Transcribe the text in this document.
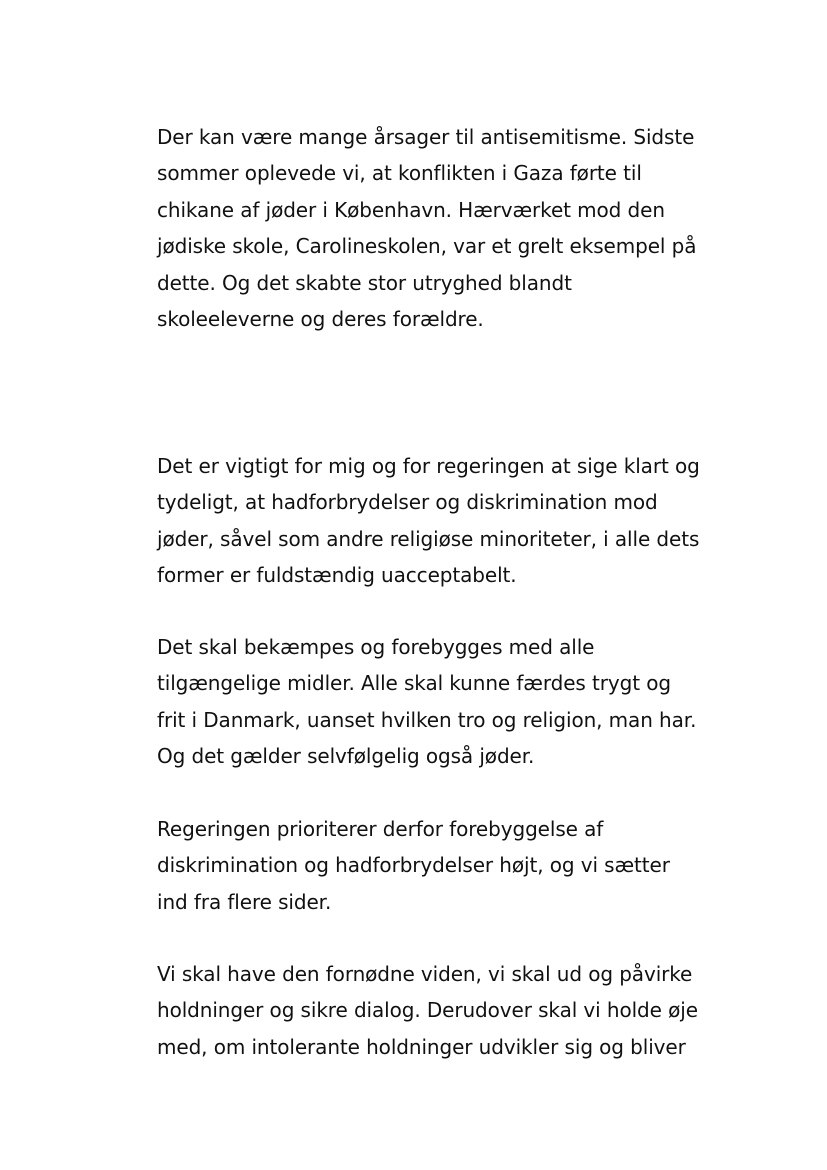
Der kan være mange årsager til antisemitisme. Sidste
sommer oplevede vi, at konflikten i Gaza førte til
chikane af jøder i København. Hærværket mod den
jødiske skole, Carolineskolen, var et grelt eksempel på
dette. Og det skabte stor utryghed blandt
skoleeleverne og deres forældre.

Det er vigtigt for mig og for regeringen at sige klart og
tydeligt, at hadforbrydelser og diskrimination mod
jøder, såvel som andre religiøse minoriteter, i alle dets
former er fuldstændig uacceptabelt.

Det skal bekæmpes og forebygges med alle
tilgængelige midler. Alle skal kunne færdes trygt og
frit i Danmark, uanset hvilken tro og religion, man har.
Og det gælder selvfølgelig også jøder.

Regeringen prioriterer derfor forebyggelse af
diskrimination og hadforbrydelser højt, og vi sætter
ind fra flere sider.

Vi skal have den fornødne viden, vi skal ud og påvirke
holdninger og sikre dialog. Derudover skal vi holde øje
med, om intolerante holdninger udvikler sig og bliver
